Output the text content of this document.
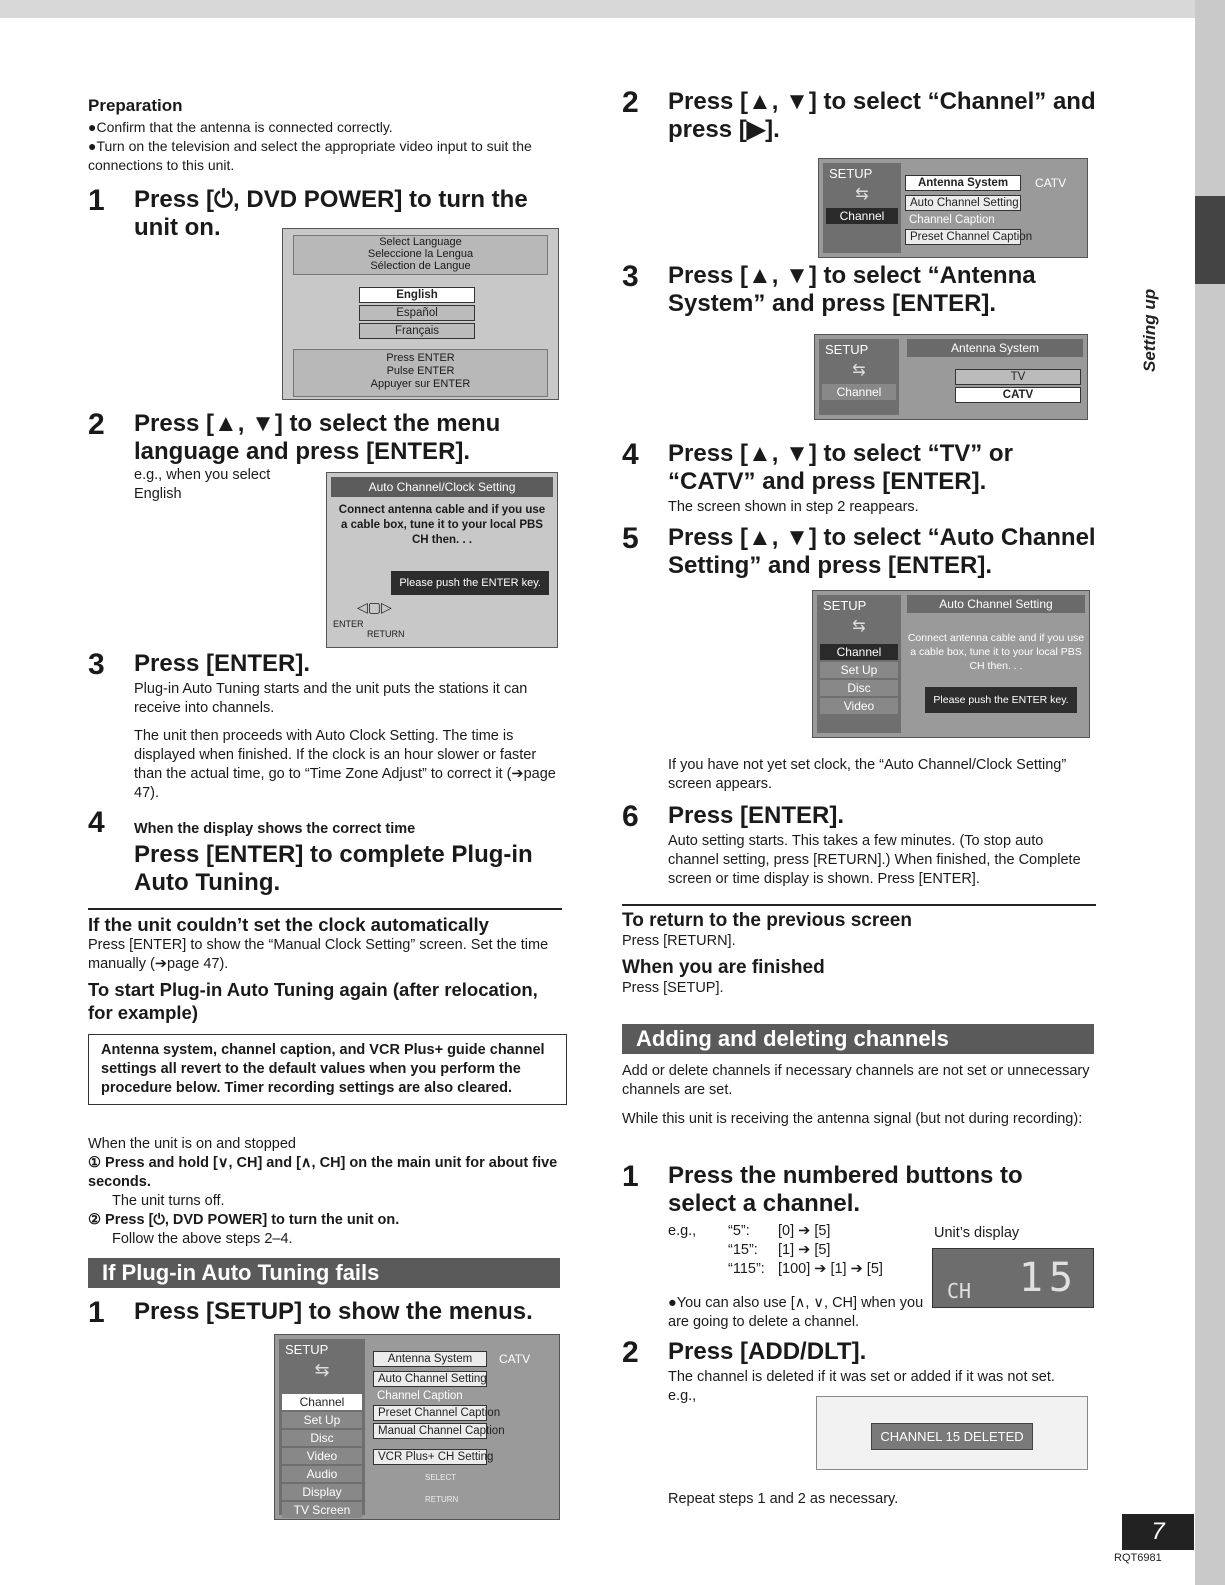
Preparation

●Confirm that the antenna is connected correctly.

●Turn on the television and select the appropriate video input to suit the connections to this unit.

1 Press [⏻, DVD POWER] to turn the unit on.

Select Language
Seleccione la Lengua
Sélection de Langue
English
Español
Français
Press ENTER
Pulse ENTER
Appuyer sur ENTER
2 Press [▲, ▼] to select the menu language and press [ENTER].

e.g., when you select English	Auto Channel/Clock Setting
Connect antenna cable and if you use a cable box, tune it to your local PBS CH then. . .
Please push the ENTER key.
ENTER
◁▢▷
RETURN
3 Press [ENTER].

Plug-in Auto Tuning starts and the unit puts the stations it can receive into channels.

The unit then proceeds with Auto Clock Setting. The time is displayed when finished. If the clock is an hour slower or faster than the actual time, go to “Time Zone Adjust” to correct it (➔page 47).

4 When the display shows the correct time

Press [ENTER] to complete Plug-in Auto Tuning.

If the unit couldn’t set the clock automatically

Press [ENTER] to show the “Manual Clock Setting” screen. Set the time manually (➔page 47).

To start Plug-in Auto Tuning again (after relocation, for example)

Antenna system, channel caption, and VCR Plus+ guide channel settings all revert to the default values when you perform the procedure below. Timer recording settings are also cleared.

When the unit is on and stopped

① Press and hold [∨, CH] and [∧, CH] on the main unit for about five seconds.

The unit turns off.

② Press [⏻, DVD POWER] to turn the unit on.

Follow the above steps 2–4.

If Plug-in Auto Tuning fails
1 Press [SETUP] to show the menus.

SETUP
⇆
Channel
Set Up
Disc
Video
Audio
Display
TV Screen
Antenna System	CATV
Auto Channel Setting
Channel Caption
Preset Channel Caption
Manual Channel Caption
VCR Plus+ CH Setting
SELECT
RETURN
2 Press [▲, ▼] to select “Channel” and press [▶].

SETUP
⇆
Channel
Antenna System	CATV
Auto Channel Setting
Channel Caption
Preset Channel Caption
3 Press [▲, ▼] to select “Antenna System” and press [ENTER].

SETUP
⇆
Channel
Antenna System
TV
CATV
4 Press [▲, ▼] to select “TV” or “CATV” and press [ENTER].

The screen shown in step 2 reappears.

5 Press [▲, ▼] to select “Auto Channel Setting” and press [ENTER].

SETUP
⇆
Channel
Set Up
Disc
Video
Auto Channel Setting
Connect antenna cable and if you use a cable box, tune it to your local PBS CH then. . .
Please push the ENTER key.

If you have not yet set clock, the “Auto Channel/Clock Setting” screen appears.

6 Press [ENTER].

Auto setting starts. This takes a few minutes. (To stop auto channel setting, press [RETURN].) When finished, the Complete screen or time display is shown. Press [ENTER].

To return to the previous screen

Press [RETURN].

When you are finished

Press [SETUP].

Adding and deleting channels

Add or delete channels if necessary channels are not set or unnecessary channels are set.

While this unit is receiving the antenna signal (but not during recording):

1 Press the numbered buttons to select a channel.

e.g.,	“5”:	[0] ➔ [5]
“15”:	[1] ➔ [5]
“115”: [100] ➔ [1] ➔ [5]
Unit’s display
CH 15

●You can also use [∧, ∨, CH] when you are going to delete a channel.

2 Press [ADD/DLT].

The channel is deleted if it was set or added if it was not set.

e.g.,

CHANNEL 15 DELETED
Repeat steps 1 and 2 as necessary.
Setting up
7
RQT6981
